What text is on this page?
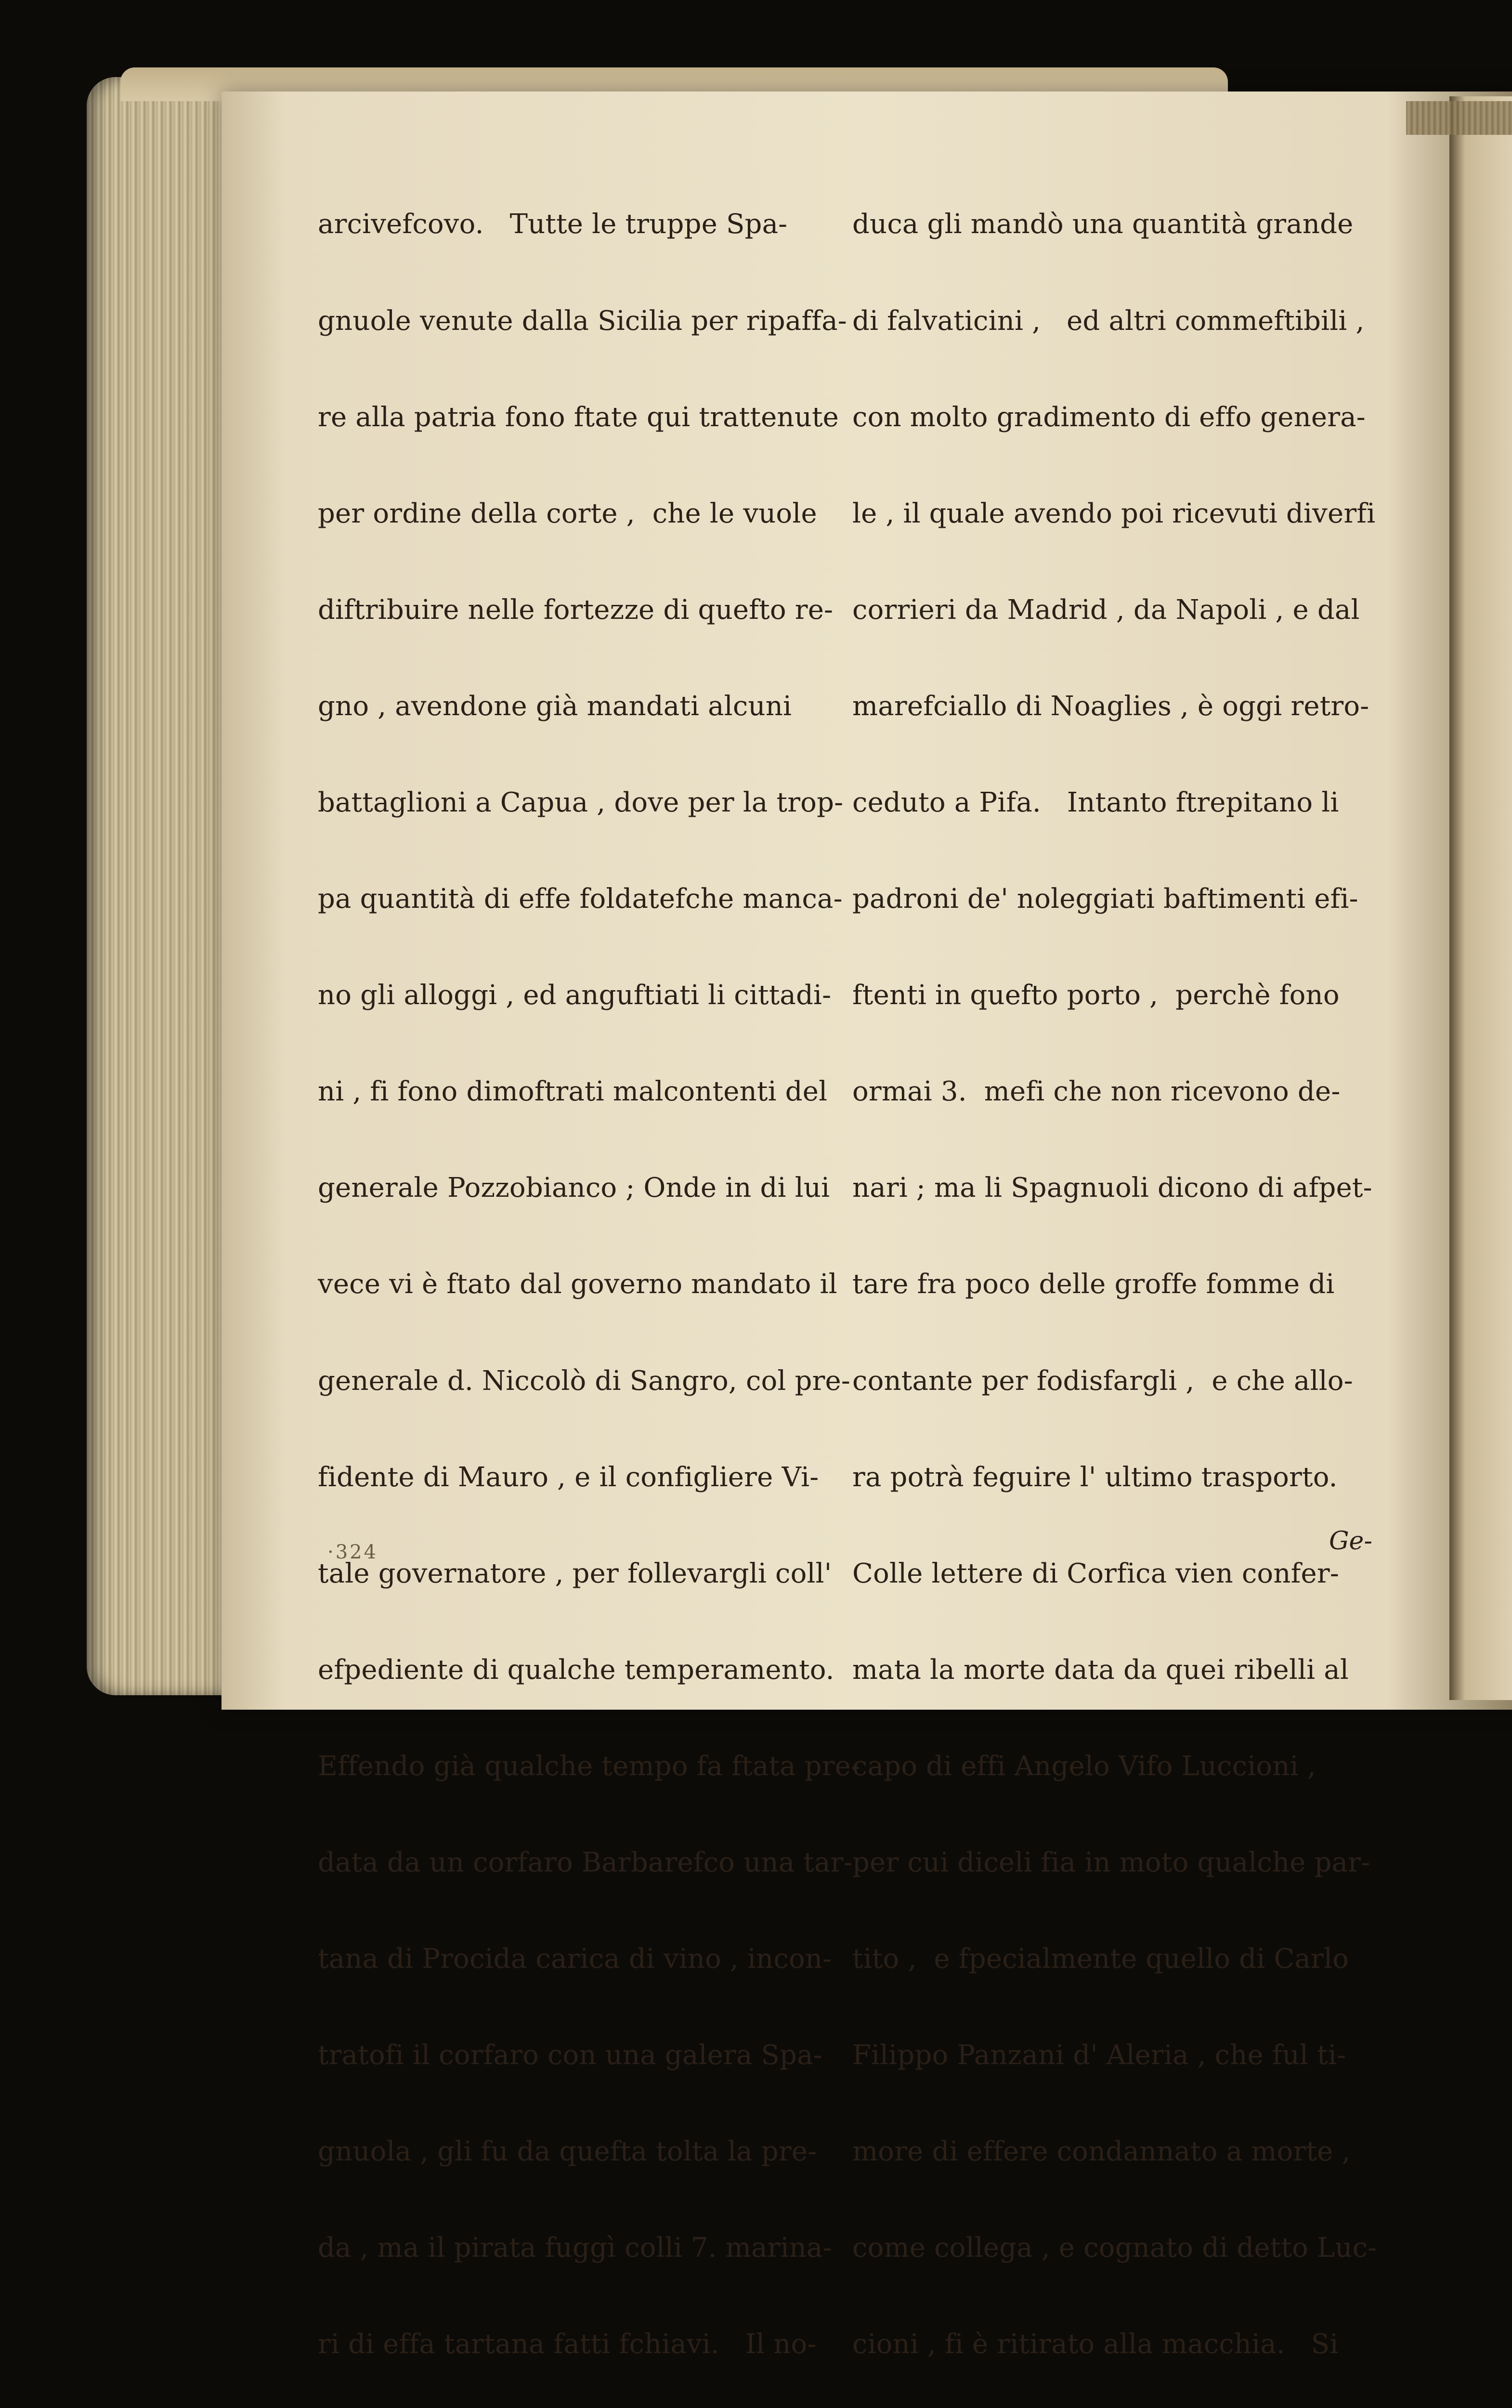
arcivefcovo.   Tutte le truppe Spa-

gnuole venute dalla Sicilia per ripaffa-

re alla patria fono ftate qui trattenute

per ordine della corte ,  che le vuole

diftribuire nelle fortezze di quefto re-

gno , avendone già mandati alcuni

battaglioni a Capua , dove per la trop-

pa quantità di effe foldatefche manca-

no gli alloggi , ed anguftiati li cittadi-

ni , fi fono dimoftrati malcontenti del

generale Pozzobianco ; Onde in di lui

vece vi è ftato dal governo mandato il

generale d. Niccolò di Sangro, col pre-

fidente di Mauro , e il configliere Vi-

tale governatore , per follevargli coll'

efpediente di qualche temperamento.

Effendo già qualche tempo fa ftata pre-

data da un corfaro Barbarefco una tar-

tana di Procida carica di vino , incon-

tratofi il corfaro con una galera Spa-

gnuola , gli fu da quefta tolta la pre-

da , ma il pirata fuggì colli 7. marina-

ri di effa tartana fatti fchiavi.   Il no-

duca gli mandò una quantità grande

di falvaticini ,   ed altri commeftibili ,

con molto gradimento di effo genera-

le , il quale avendo poi ricevuti diverfi

corrieri da Madrid , da Napoli , e dal

marefciallo di Noaglies , è oggi retro-

ceduto a Pifa.   Intanto ftrepitano li

padroni de' noleggiati baftimenti efi-

ftenti in quefto porto ,  perchè fono

ormai 3.  mefi che non ricevono de-

nari ; ma li Spagnuoli dicono di afpet-

tare fra poco delle groffe fomme di

contante per fodisfargli ,  e che allo-

ra potrà feguire l' ultimo trasporto.

Colle lettere di Corfica vien confer-

mata la morte data da quei ribelli al

capo di effi Angelo Vifo Luccioni ,

per cui diceli fia in moto qualche par-

tito ,  e fpecialmente quello di Carlo

Filippo Panzani d' Aleria , che ful ti-

more di effere condannato a morte ,

come collega , e cognato di detto Luc-

cioni , fi è ritirato alla macchia.   Si

·324	Ge-
